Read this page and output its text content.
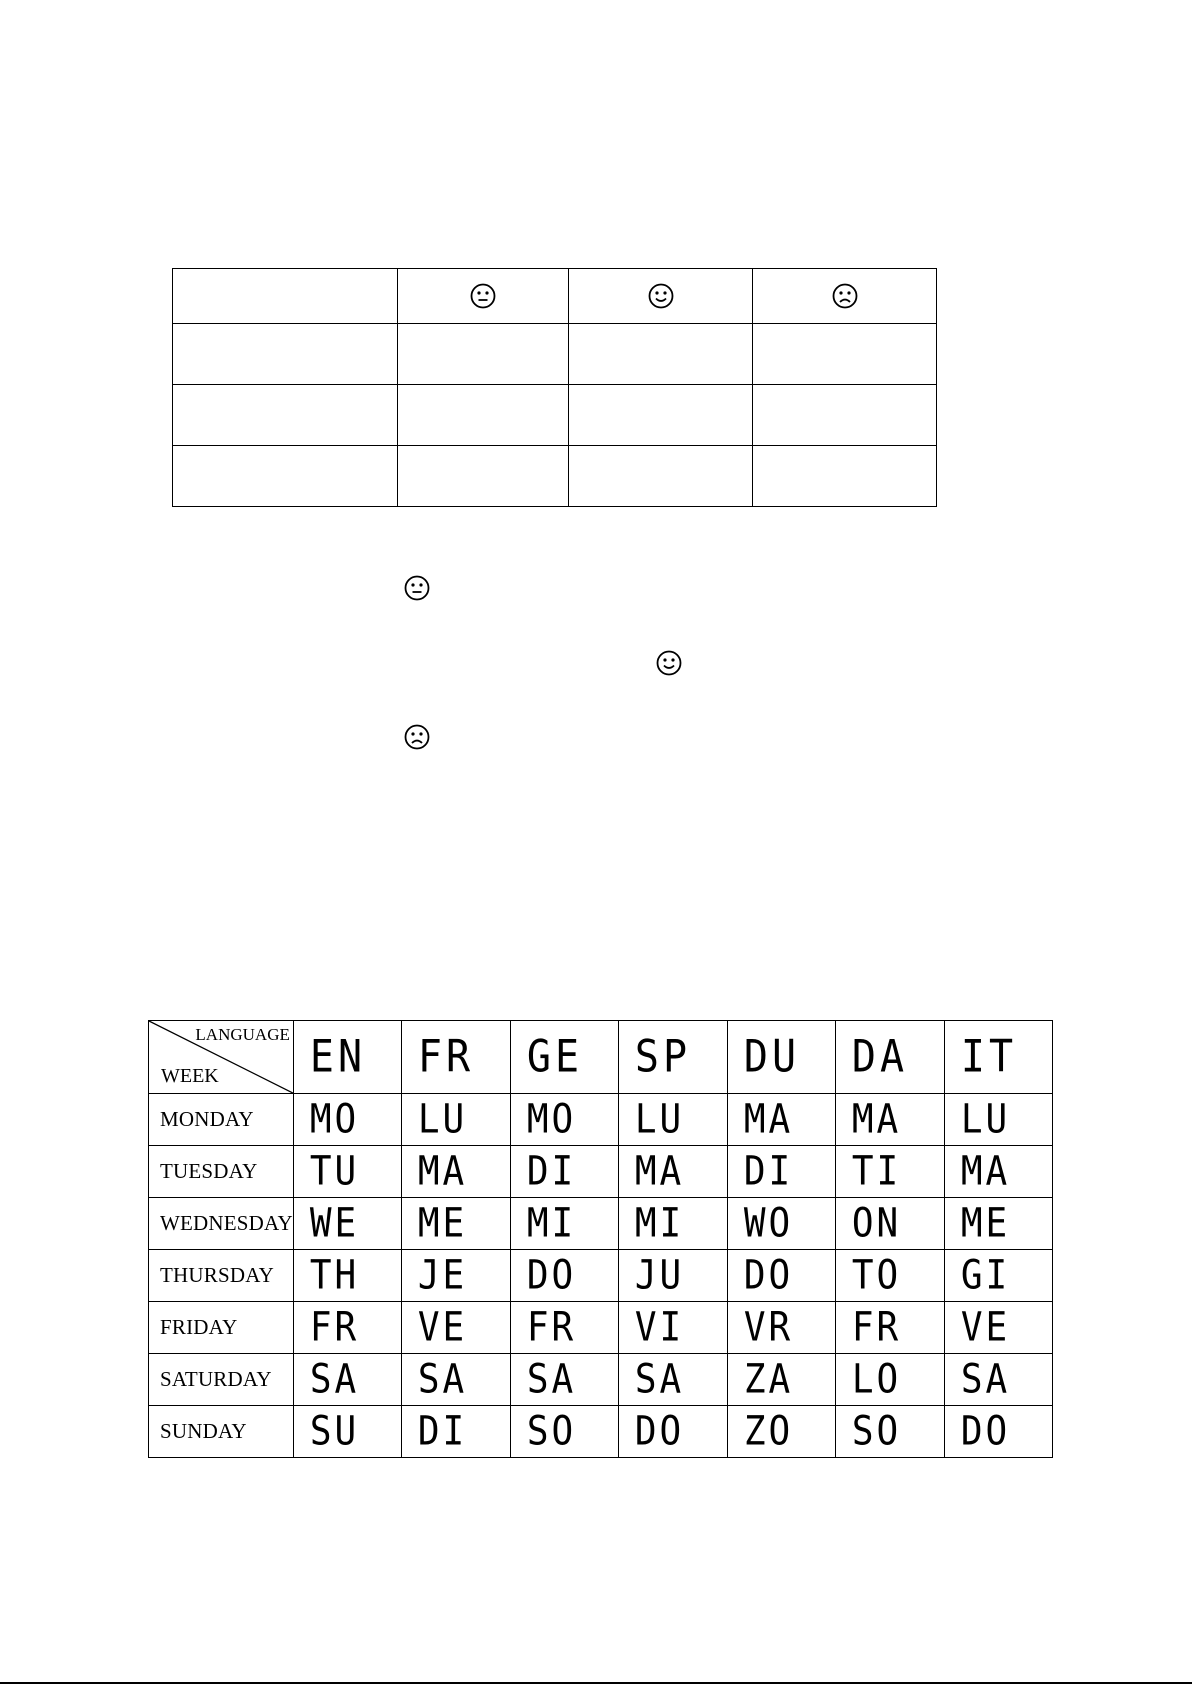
LANGUAGE
WEEK	EN	FR	GE	SP	DU	DA	IT
MONDAY	MO	LU	MO	LU	MA	MA	LU
TUESDAY	TU	MA	DI	MA	DI	TI	MA
WEDNESDAY	WE	ME	MI	MI	WO	ON	ME
THURSDAY	TH	JE	DO	JU	DO	TO	GI
FRIDAY	FR	VE	FR	VI	VR	FR	VE
SATURDAY	SA	SA	SA	SA	ZA	LO	SA
SUNDAY	SU	DI	SO	DO	ZO	SO	DO
